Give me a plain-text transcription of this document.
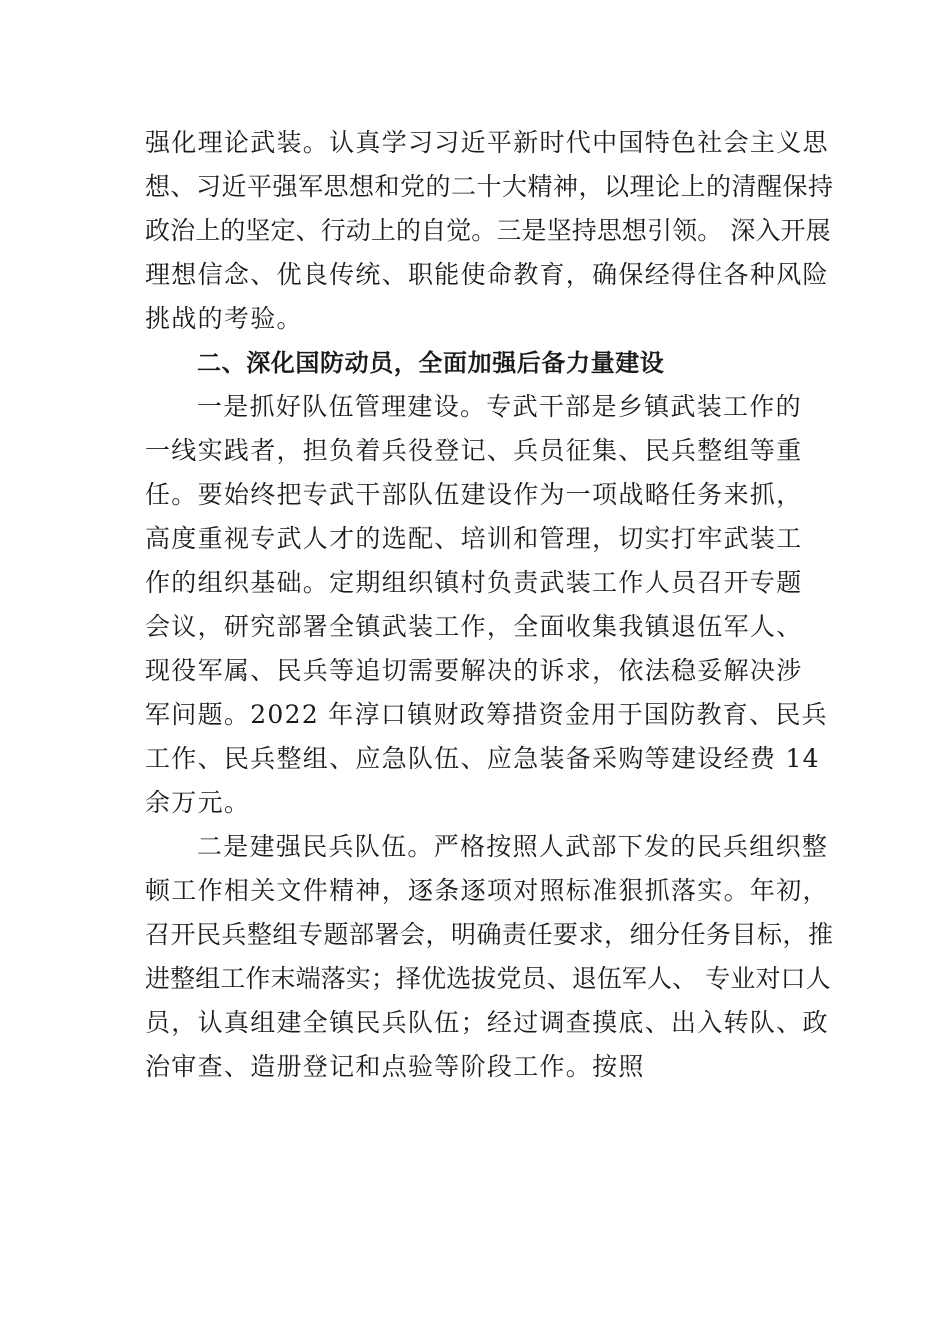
强化理论武装。认真学习习近平新时代中国特色社会主义思
想、习近平强军思想和党的二十大精神，以理论上的清醒保持
政治上的坚定、行动上的自觉。三是坚持思想引领。 深入开展
理想信念、优良传统、职能使命教育，确保经得住各种风险
挑战的考验。
二、深化国防动员，全面加强后备力量建设
一是抓好队伍管理建设。专武干部是乡镇武装工作的
一线实践者，担负着兵役登记、兵员征集、民兵整组等重
任。要始终把专武干部队伍建设作为一项战略任务来抓，
高度重视专武人才的选配、培训和管理，切实打牢武装工
作的组织基础。定期组织镇村负责武装工作人员召开专题
会议，研究部署全镇武装工作，全面收集我镇退伍军人、
现役军属、民兵等追切需要解决的诉求，依法稳妥解决涉
军问题。2022 年淳口镇财政筹措资金用于国防教育、民兵
工作、民兵整组、应急队伍、应急装备采购等建设经费 14
余万元。
二是建强民兵队伍。严格按照人武部下发的民兵组织整
顿工作相关文件精神，逐条逐项对照标准狠抓落实。年初，
召开民兵整组专题部署会，明确责任要求，细分任务目标，推
进整组工作末端落实；择优选拔党员、退伍军人、 专业对口人
员，认真组建全镇民兵队伍；经过调查摸底、出入转队、政
治审查、造册登记和点验等阶段工作。按照
